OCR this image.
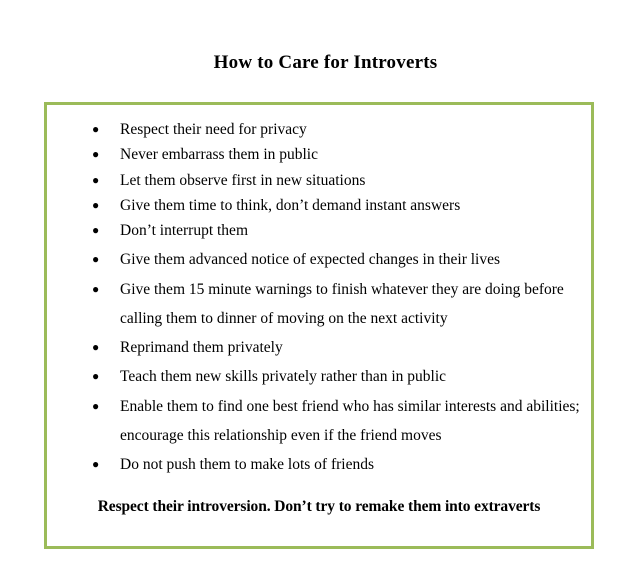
How to Care for Introverts
● Respect their need for privacy
● Never embarrass them in public
● Let them observe first in new situations
● Give them time to think, don’t demand instant answers
● Don’t interrupt them
● Give them advanced notice of expected changes in their lives
● Give them 15 minute warnings to finish whatever they are doing before calling them to dinner of moving on the next activity
● Reprimand them privately
● Teach them new skills privately rather than in public
● Enable them to find one best friend who has similar interests and abilities; encourage this relationship even if the friend moves
● Do not push them to make lots of friends
Respect their introversion. Don’t try to remake them into extraverts
